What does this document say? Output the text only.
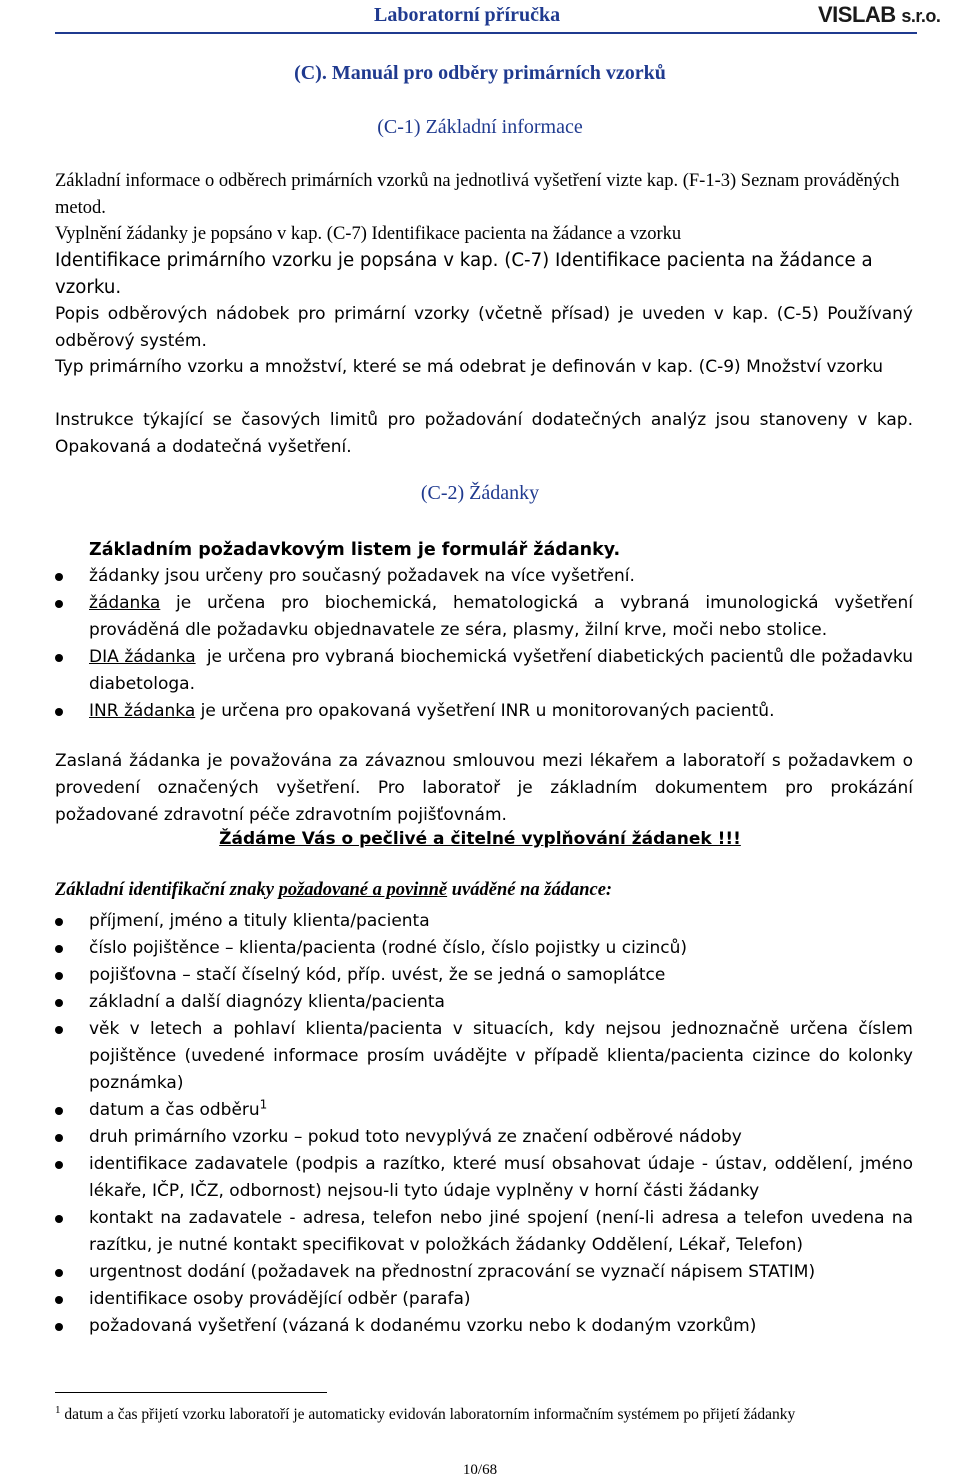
Laboratorní příručka	VISLAB s.r.o.
(C). Manuál pro odběry primárních vzorků
(C-1) Základní informace
Základní informace o odběrech primárních vzorků na jednotlivá vyšetření vizte kap. (F-1-3) Seznam prováděných metod.
Vyplnění žádanky je popsáno v kap. (C-7) Identifikace pacienta na žádance a vzorku
Identifikace primárního vzorku je popsána v kap. (C-7) Identifikace pacienta na žádance a vzorku.
Popis odběrových nádobek pro primární vzorky (včetně přísad) je uveden v kap. (C-5) Používaný odběrový systém.
Typ primárního vzorku a množství, které se má odebrat je definován v kap. (C-9) Množství vzorku
Instrukce týkající se časových limitů pro požadování dodatečných analýz jsou stanoveny v kap. Opakovaná a dodatečná vyšetření.
(C-2) Žádanky
Základním požadavkovým listem je formulář žádanky.
žádanky jsou určeny pro současný požadavek na více vyšetření.
žádanka je určena pro biochemická, hematologická a vybraná imunologická vyšetření prováděná dle požadavku objednavatele ze séra, plasmy, žilní krve, moči nebo stolice.
DIA žádanka  je určena pro vybraná biochemická vyšetření diabetických pacientů dle požadavku diabetologa.
INR žádanka je určena pro opakovaná vyšetření INR u monitorovaných pacientů.
Zaslaná žádanka je považována za závaznou smlouvou mezi lékařem a laboratoří s požadavkem o provedení označených vyšetření. Pro laboratoř je základním dokumentem pro prokázání požadované zdravotní péče zdravotním pojišťovnám.
Žádáme Vás o pečlivé a čitelné vyplňování žádanek !!!
Základní identifikační znaky požadované a povinně uváděné na žádance:
příjmení, jméno a tituly klienta/pacienta
číslo pojištěnce – klienta/pacienta (rodné číslo, číslo pojistky u cizinců)
pojišťovna – stačí číselný kód, příp. uvést, že se jedná o samoplátce
základní a další diagnózy klienta/pacienta
věk v letech a pohlaví klienta/pacienta v situacích, kdy nejsou jednoznačně určena číslem pojištěnce (uvedené informace prosím uvádějte v případě klienta/pacienta cizince do kolonky poznámka)
datum a čas odběru$^1$
druh primárního vzorku – pokud toto nevyplývá ze značení odběrové nádoby
identifikace zadavatele (podpis a razítko, které musí obsahovat údaje - ústav, oddělení, jméno lékaře, IČP, IČZ, odbornost) nejsou-li tyto údaje vyplněny v horní části žádanky
kontakt na zadavatele - adresa, telefon nebo jiné spojení (není-li adresa a telefon uvedena na razítku, je nutné kontakt specifikovat v položkách žádanky Oddělení, Lékař, Telefon)
urgentnost dodání (požadavek na přednostní zpracování se vyznačí nápisem STATIM)
identifikace osoby provádějící odběr (parafa)
požadovaná vyšetření (vázaná k dodanému vzorku nebo k dodaným vzorkům)
$^1$ datum a čas přijetí vzorku laboratoří je automaticky evidován laboratorním informačním systémem po přijetí žádanky
10/68
